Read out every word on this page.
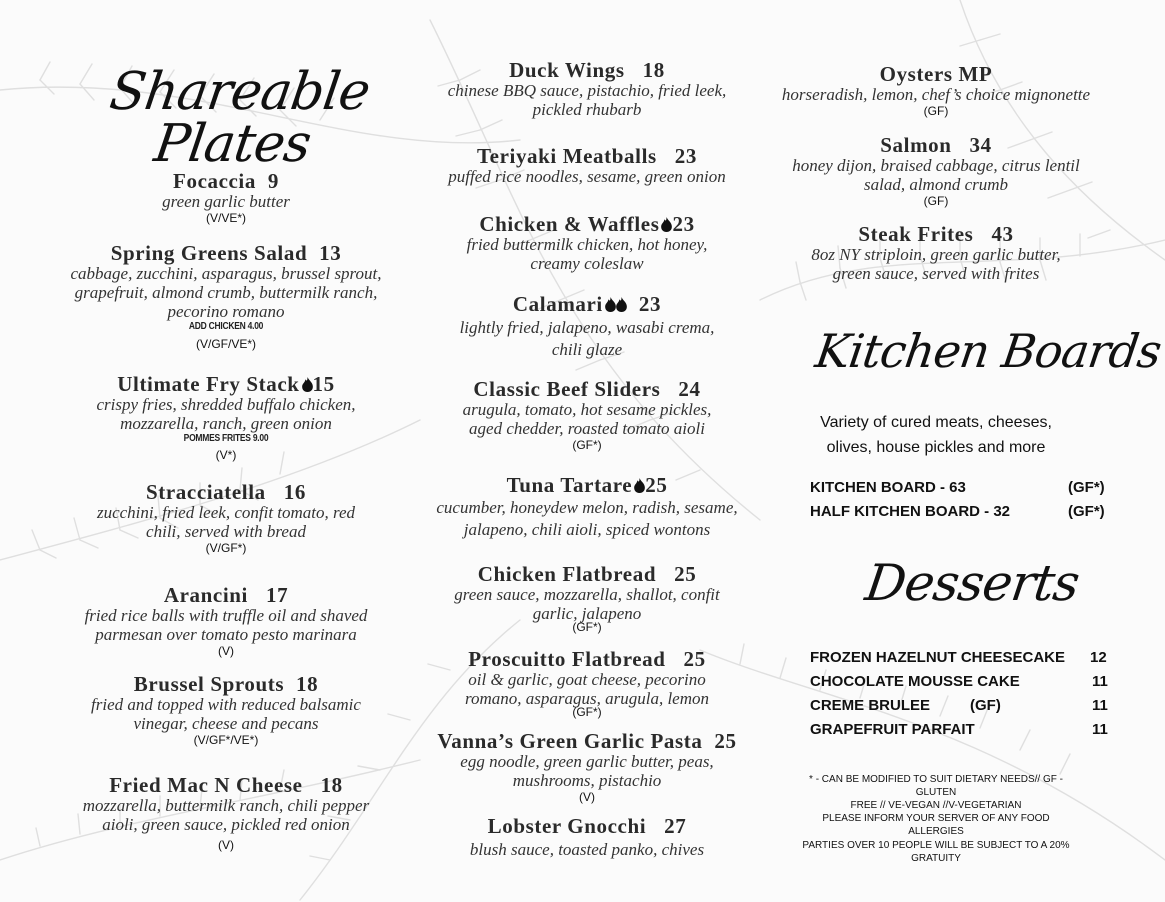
Shareable Plates
Focaccia 9
green garlic butter
(V/VE*)
Spring Greens Salad 13
cabbage, zucchini, asparagus, brussel sprout,
grapefruit, almond crumb, buttermilk ranch,
pecorino romano
ADD CHICKEN 4.00
(V/GF/VE*)
Ultimate Fry Stack 15
crispy fries, shredded buffalo chicken,
mozzarella, ranch, green onion
POMMES FRITES 9.00
(V*)
Stracciatella 16
zucchini, fried leek, confit tomato, red
chili, served with bread
(V/GF*)
Arancini 17
fried rice balls with truffle oil and shaved
parmesan over tomato pesto marinara
(V)
Brussel Sprouts 18
fried and topped with reduced balsamic
vinegar, cheese and pecans
(V/GF*/VE*)
Fried Mac N Cheese 18
mozzarella, buttermilk ranch, chili pepper
aioli, green sauce, pickled red onion
(V)
Duck Wings 18
chinese BBQ sauce, pistachio, fried leek,
pickled rhubarb
Teriyaki Meatballs 23
puffed rice noodles, sesame, green onion
Chicken & Waffles 23
fried buttermilk chicken, hot honey,
creamy coleslaw
Calamari 23
lightly fried, jalapeno, wasabi crema,
chili glaze
Classic Beef Sliders 24
arugula, tomato, hot sesame pickles,
aged chedder, roasted tomato aioli
(GF*)
Tuna Tartare 25
cucumber, honeydew melon, radish, sesame,
jalapeno, chili aioli, spiced wontons
Chicken Flatbread 25
green sauce, mozzarella, shallot, confit
garlic, jalapeno
(GF*)
Proscuitto Flatbread 25
oil & garlic, goat cheese, pecorino
romano, asparagus, arugula, lemon
(GF*)
Vanna’s Green Garlic Pasta 25
egg noodle, green garlic butter, peas,
mushrooms, pistachio
(V)
Lobster Gnocchi 27
blush sauce, toasted panko, chives
Oysters MP
horseradish, lemon, chef’s choice mignonette
(GF)
Salmon 34
honey dijon, braised cabbage, citrus lentil
salad, almond crumb
(GF)
Steak Frites 43
8oz NY striploin, green garlic butter,
green sauce, served with frites
Kitchen Boards
Variety of cured meats, cheeses,
olives, house pickles and more
KITCHEN BOARD - 63	(GF*)
HALF KITCHEN BOARD - 32	(GF*)
Desserts
FROZEN HAZELNUT CHEESECAKE 12
CHOCOLATE MOUSSE CAKE	11
CREME BRULEE	(GF)	11
GRAPEFRUIT PARFAIT	11
* - CAN BE MODIFIED TO SUIT DIETARY NEEDS// GF -GLUTEN
FREE // VE-VEGAN //V-VEGETARIAN
PLEASE INFORM YOUR SERVER OF ANY FOOD ALLERGIES
PARTIES OVER 10 PEOPLE WILL BE SUBJECT TO A 20%
GRATUITY
